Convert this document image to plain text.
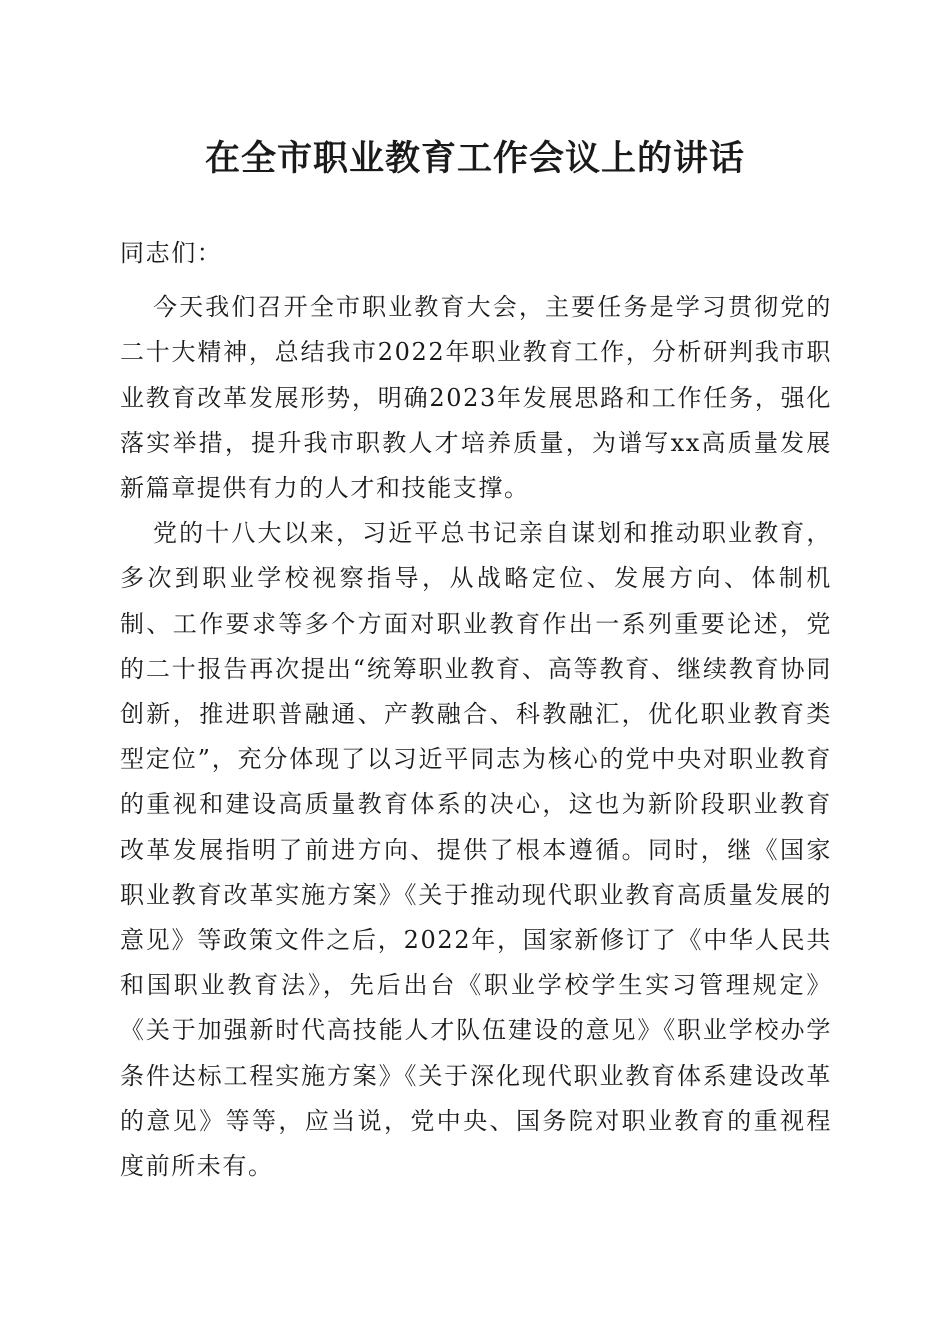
在全市职业教育工作会议上的讲话

同志们：

今天我们召开全市职业教育大会，主要任务是学习贯彻党的二十大精神，总结我市2022年职业教育工作，分析研判我市职业教育改革发展形势，明确2023年发展思路和工作任务，强化落实举措，提升我市职教人才培养质量，为谱写xx高质量发展新篇章提供有力的人才和技能支撑。

党的十八大以来，习近平总书记亲自谋划和推动职业教育，多次到职业学校视察指导，从战略定位、发展方向、体制机制、工作要求等多个方面对职业教育作出一系列重要论述，党的二十报告再次提出“统筹职业教育、高等教育、继续教育协同创新，推进职普融通、产教融合、科教融汇，优化职业教育类型定位”，充分体现了以习近平同志为核心的党中央对职业教育的重视和建设高质量教育体系的决心，这也为新阶段职业教育改革发展指明了前进方向、提供了根本遵循。同时，继《国家职业教育改革实施方案》《关于推动现代职业教育高质量发展的意见》等政策文件之后，2022年，国家新修订了《中华人民共和国职业教育法》，先后出台《职业学校学生实习管理规定》《关于加强新时代高技能人才队伍建设的意见》《职业学校办学条件达标工程实施方案》《关于深化现代职业教育体系建设改革的意见》等等，应当说，党中央、国务院对职业教育的重视程度前所未有。
